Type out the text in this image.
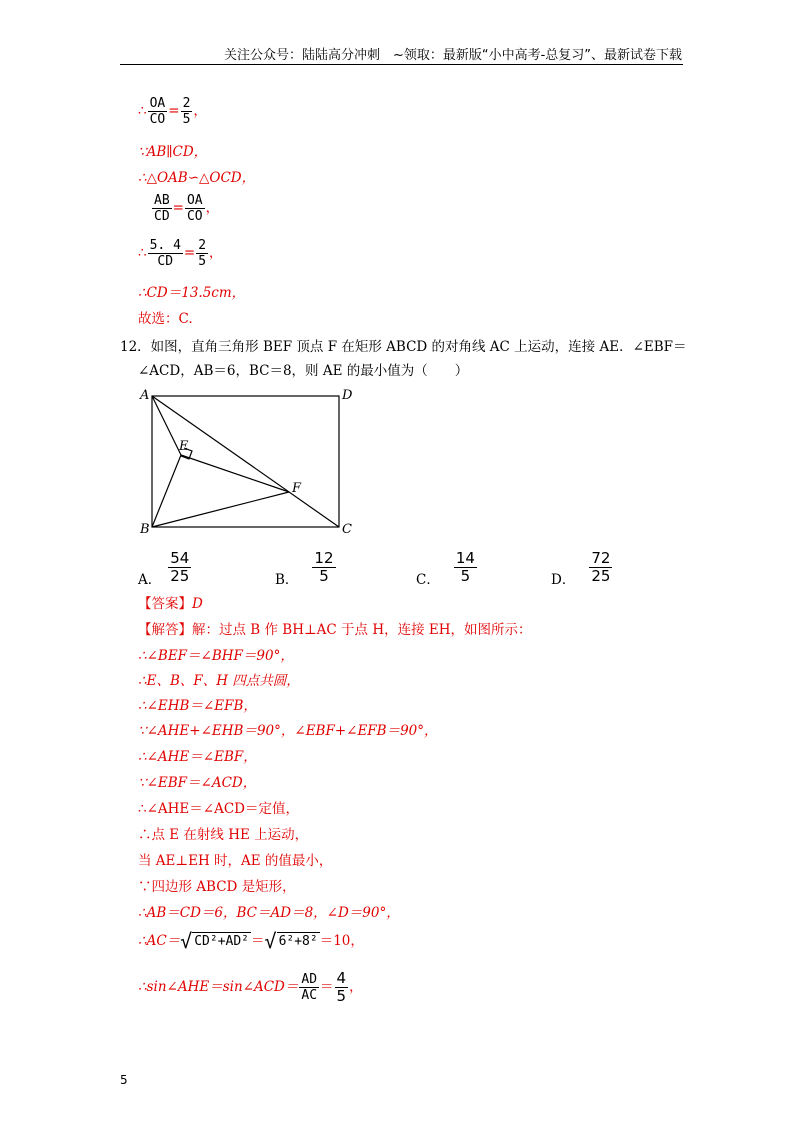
关注公众号：陆陆高分冲刺　~领取：最新版“小中高考-总复习”、最新试卷下载
∴ $\frac{OA}{CO} = \frac{2}{5}$ ，
∵AB∥CD，
∴△OAB∽△OCD，
$\frac{AB}{CD} = \frac{OA}{CO}$ ，
∴ $\frac{5. 4}{CD} = \frac{2}{5}$ ，
∴CD＝13.5cm，
故选：C.
12．如图，直角三角形 BEF 顶点 F 在矩形 ABCD 的对角线 AC 上运动，连接 AE．∠EBF＝
∠ACD，AB＝6，BC＝8，则 AE 的最小值为（　　）
A
B	C
D
E
F
A． $\frac{54}{25}$	B． $\frac{12}{5}$	C． $\frac{14}{5}$	D． $\frac{72}{25}$
【答案】D
【解答】解：过点 B 作 BH⊥AC 于点 H，连接 EH，如图所示：
∴∠BEF＝∠BHF＝90°，
∴E、B、F、H 四点共圆，
∴∠EHB＝∠EFB，
∵∠AHE+∠EHB＝90°，∠EBF+∠EFB＝90°，
∴∠AHE＝∠EBF，
∵∠EBF＝∠ACD，
∴∠AHE＝∠ACD＝定值，
∴点 E 在射线 HE 上运动，
当 AE⊥EH 时，AE 的值最小，
∵四边形 ABCD 是矩形，
∴AB＝CD＝6，BC＝AD＝8，∠D＝90°，
∴AC＝√ CD²+AD² ＝√ 6²+8² ＝10，
∴sin∠AHE＝sin∠ACD＝ $\frac{AD}{AC} = \frac{4}{5}$ ，
5
